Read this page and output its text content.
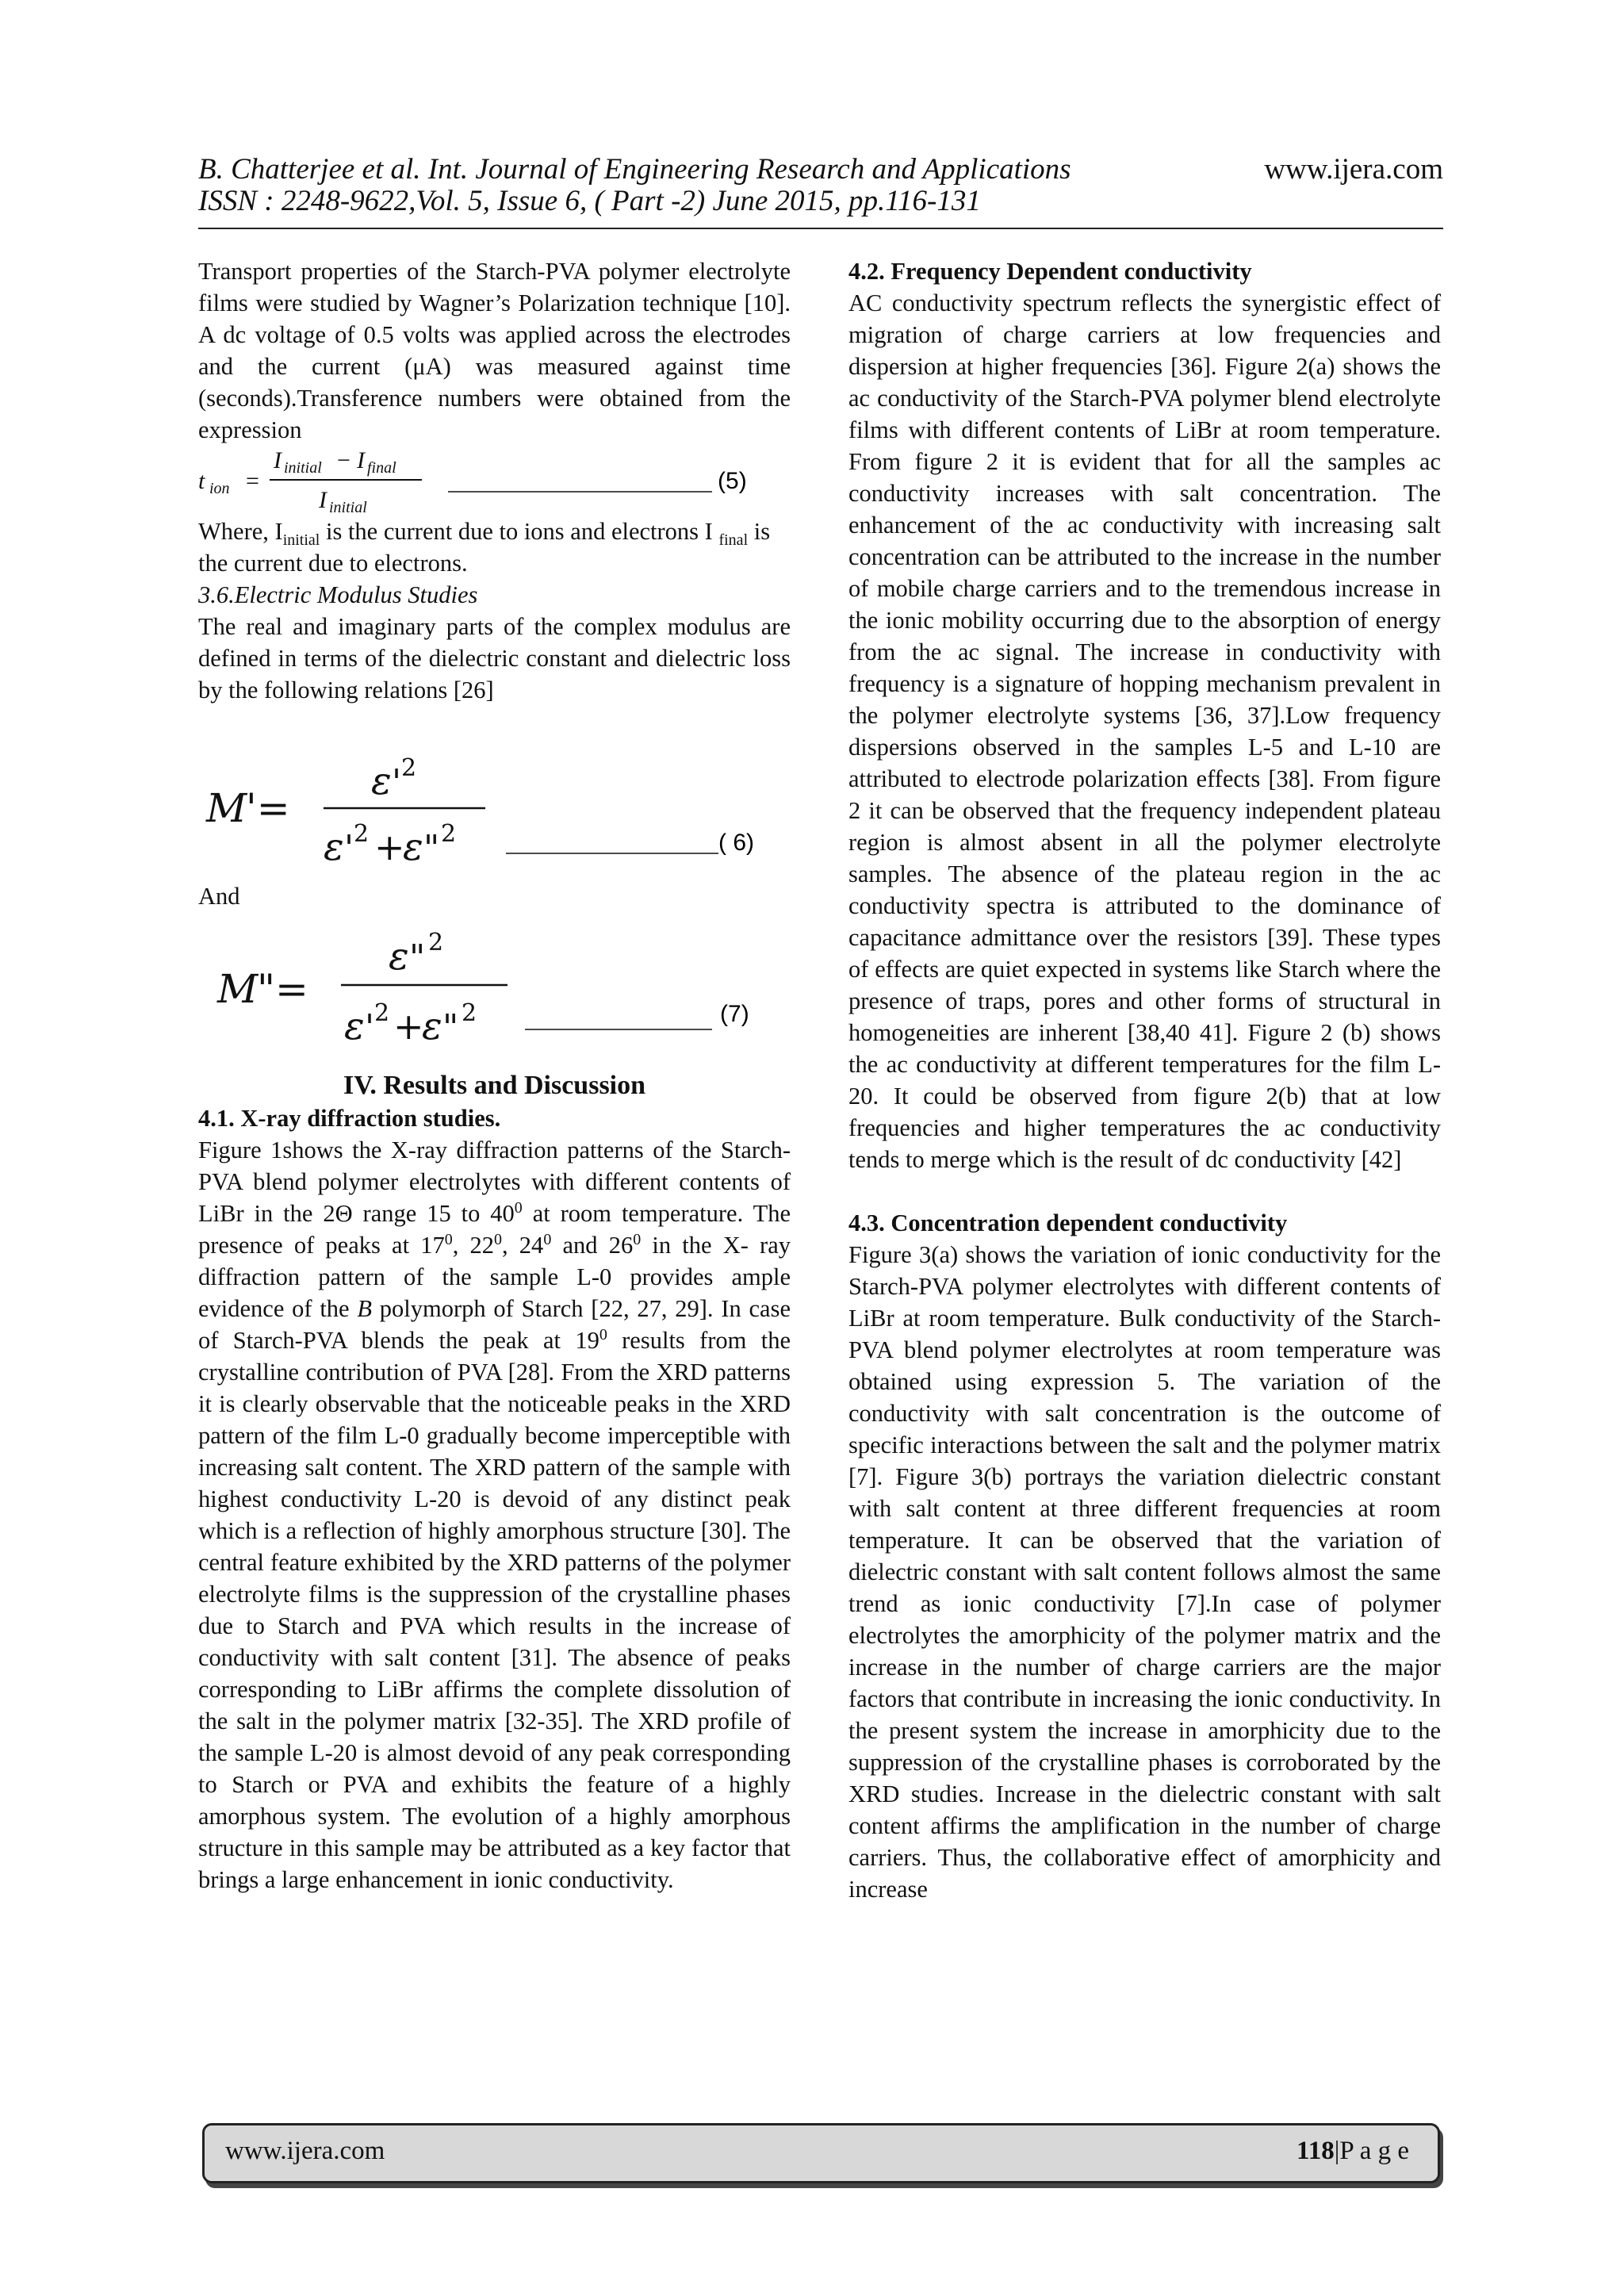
B. Chatterjee et al. Int. Journal of Engineering Research and Applications
ISSN : 2248-9622,Vol. 5, Issue 6, ( Part -2) June 2015, pp.116-131
www.ijera.com

Transport properties of the Starch-PVA polymer electrolyte films were studied by Wagner’s Polarization technique [10]. A dc voltage of 0.5 volts was applied across the electrodes and the current (μA) was measured against time (seconds).Transference numbers were obtained from the expression

I initial − I final
I initial
t ion =	(5)

Where, $I_{initial}$ is the current due to ions and electrons I $_{final}$ is the current due to electrons.

3.6.Electric Modulus Studies

The real and imaginary parts of the complex modulus are defined in terms of the dielectric constant and dielectric loss by the following relations [26]

M
'=
ε ' 2
ε ' 2 +
ε " 2	( 6)

And

M
"=
ε " 2
ε ' 2 +
ε " 2	(7)

IV. Results and Discussion

4.1. X-ray diffraction studies.

Figure 1shows the X-ray diffraction patterns of the Starch-PVA blend polymer electrolytes with different contents of LiBr in the 2Θ range 15 to $40^0$ at room temperature. The presence of peaks at $17^0$, $22^0$, $24^0$ and $26^0$ in the X- ray diffraction pattern of the sample L-0 provides ample evidence of the B polymorph of Starch [22, 27, 29]. In case of Starch-PVA blends the peak at $19^0$ results from the crystalline contribution of PVA [28]. From the XRD patterns it is clearly observable that the noticeable peaks in the XRD pattern of the film L-0 gradually become imperceptible with increasing salt content. The XRD pattern of the sample with highest conductivity L-20 is devoid of any distinct peak which is a reflection of highly amorphous structure [30]. The central feature exhibited by the XRD patterns of the polymer electrolyte films is the suppression of the crystalline phases due to Starch and PVA which results in the increase of conductivity with salt content [31]. The absence of peaks corresponding to LiBr affirms the complete dissolution of the salt in the polymer matrix [32-35]. The XRD profile of the sample L-20 is almost devoid of any peak corresponding to Starch or PVA and exhibits the feature of a highly amorphous system. The evolution of a highly amorphous structure in this sample may be attributed as a key factor that brings a large enhancement in ionic conductivity.

4.2. Frequency Dependent conductivity

AC conductivity spectrum reflects the synergistic effect of migration of charge carriers at low frequencies and dispersion at higher frequencies [36]. Figure 2(a) shows the ac conductivity of the Starch-PVA polymer blend electrolyte films with different contents of LiBr at room temperature. From figure 2 it is evident that for all the samples ac conductivity increases with salt concentration. The enhancement of the ac conductivity with increasing salt concentration can be attributed to the increase in the number of mobile charge carriers and to the tremendous increase in the ionic mobility occurring due to the absorption of energy from the ac signal. The increase in conductivity with frequency is a signature of hopping mechanism prevalent in the polymer electrolyte systems [36, 37].Low frequency dispersions observed in the samples L-5 and L-10 are attributed to electrode polarization effects [38]. From figure 2 it can be observed that the frequency independent plateau region is almost absent in all the polymer electrolyte samples. The absence of the plateau region in the ac conductivity spectra is attributed to the dominance of capacitance admittance over the resistors [39]. These types of effects are quiet expected in systems like Starch where the presence of traps, pores and other forms of structural in homogeneities are inherent [38,40 41]. Figure 2 (b) shows the ac conductivity at different temperatures for the film L-20. It could be observed from figure 2(b) that at low frequencies and higher temperatures the ac conductivity tends to merge which is the result of dc conductivity [42]

4.3. Concentration dependent conductivity

Figure 3(a) shows the variation of ionic conductivity for the Starch-PVA polymer electrolytes with different contents of LiBr at room temperature. Bulk conductivity of the Starch-PVA blend polymer electrolytes at room temperature was obtained using expression 5. The variation of the conductivity with salt concentration is the outcome of specific interactions between the salt and the polymer matrix [7]. Figure 3(b) portrays the variation dielectric constant with salt content at three different frequencies at room temperature. It can be observed that the variation of dielectric constant with salt content follows almost the same trend as ionic conductivity [7].In case of polymer electrolytes the amorphicity of the polymer matrix and the increase in the number of charge carriers are the major factors that contribute in increasing the ionic conductivity. In the present system the increase in amorphicity due to the suppression of the crystalline phases is corroborated by the XRD studies. Increase in the dielectric constant with salt content affirms the amplification in the number of charge carriers. Thus, the collaborative effect of amorphicity and increase

www.ijera.com	118|P a g e
